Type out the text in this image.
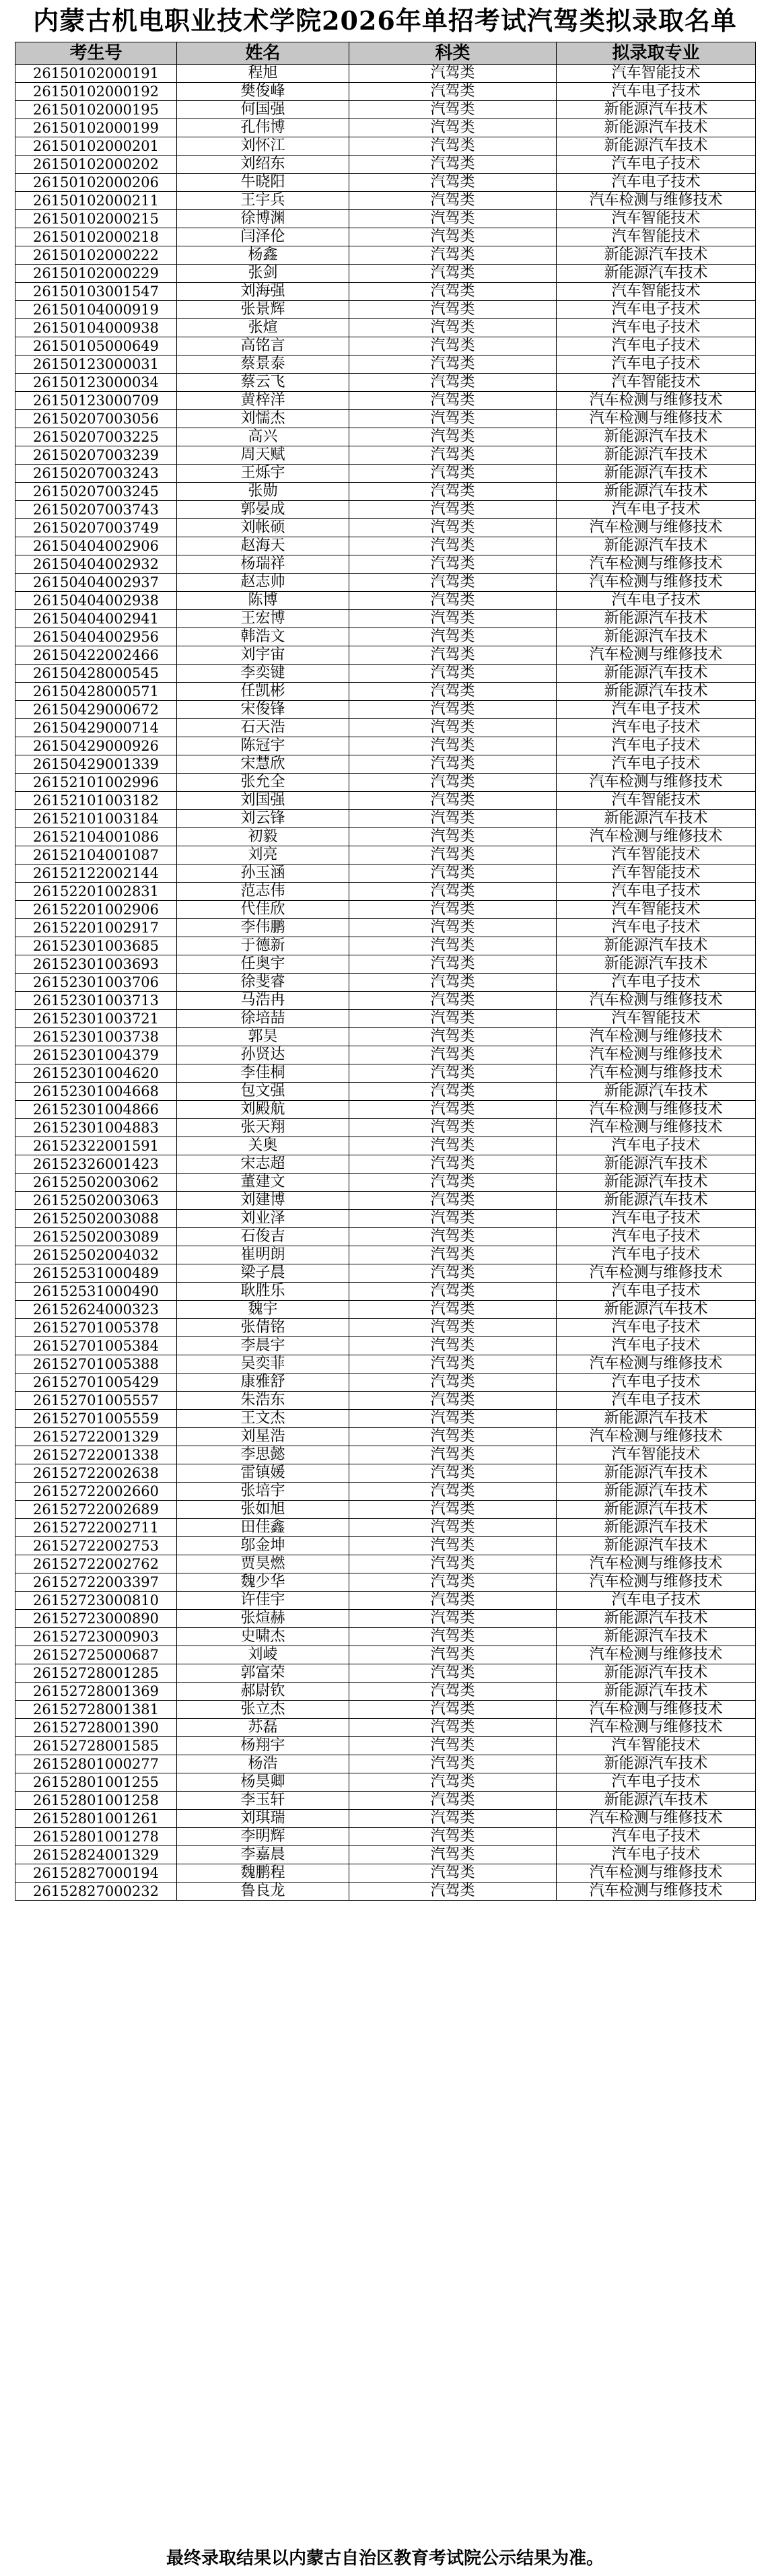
内蒙古机电职业技术学院2026年单招考试汽驾类拟录取名单
考生号	姓名	科类	拟录取专业
26150102000191	程旭	汽驾类	汽车智能技术
26150102000192	樊俊峰	汽驾类	汽车电子技术
26150102000195	何国强	汽驾类	新能源汽车技术
26150102000199	孔伟博	汽驾类	新能源汽车技术
26150102000201	刘怀江	汽驾类	新能源汽车技术
26150102000202	刘绍东	汽驾类	汽车电子技术
26150102000206	牛晓阳	汽驾类	汽车电子技术
26150102000211	王宇兵	汽驾类	汽车检测与维修技术
26150102000215	徐博渊	汽驾类	汽车智能技术
26150102000218	闫泽伦	汽驾类	汽车智能技术
26150102000222	杨鑫	汽驾类	新能源汽车技术
26150102000229	张剑	汽驾类	新能源汽车技术
26150103001547	刘海强	汽驾类	汽车智能技术
26150104000919	张景辉	汽驾类	汽车电子技术
26150104000938	张煊	汽驾类	汽车电子技术
26150105000649	高铭言	汽驾类	汽车电子技术
26150123000031	蔡景泰	汽驾类	汽车电子技术
26150123000034	蔡云飞	汽驾类	汽车智能技术
26150123000709	黄梓洋	汽驾类	汽车检测与维修技术
26150207003056	刘懦杰	汽驾类	汽车检测与维修技术
26150207003225	高兴	汽驾类	新能源汽车技术
26150207003239	周天赋	汽驾类	新能源汽车技术
26150207003243	王烁宇	汽驾类	新能源汽车技术
26150207003245	张勋	汽驾类	新能源汽车技术
26150207003743	郭晏成	汽驾类	汽车电子技术
26150207003749	刘帐硕	汽驾类	汽车检测与维修技术
26150404002906	赵海天	汽驾类	新能源汽车技术
26150404002932	杨瑞祥	汽驾类	汽车检测与维修技术
26150404002937	赵志帅	汽驾类	汽车检测与维修技术
26150404002938	陈博	汽驾类	汽车电子技术
26150404002941	王宏博	汽驾类	新能源汽车技术
26150404002956	韩浩文	汽驾类	新能源汽车技术
26150422002466	刘宇宙	汽驾类	汽车检测与维修技术
26150428000545	李奕键	汽驾类	新能源汽车技术
26150428000571	任凯彬	汽驾类	新能源汽车技术
26150429000672	宋俊锋	汽驾类	汽车电子技术
26150429000714	石天浩	汽驾类	汽车电子技术
26150429000926	陈冠宇	汽驾类	汽车电子技术
26150429001339	宋慧欣	汽驾类	汽车电子技术
26152101002996	张允全	汽驾类	汽车检测与维修技术
26152101003182	刘国强	汽驾类	汽车智能技术
26152101003184	刘云锋	汽驾类	新能源汽车技术
26152104001086	初毅	汽驾类	汽车检测与维修技术
26152104001087	刘亮	汽驾类	汽车智能技术
26152122002144	孙玉涵	汽驾类	汽车智能技术
26152201002831	范志伟	汽驾类	汽车电子技术
26152201002906	代佳欣	汽驾类	汽车智能技术
26152201002917	李伟鹏	汽驾类	汽车电子技术
26152301003685	于德新	汽驾类	新能源汽车技术
26152301003693	任奥宇	汽驾类	新能源汽车技术
26152301003706	徐斐睿	汽驾类	汽车电子技术
26152301003713	马浩冉	汽驾类	汽车检测与维修技术
26152301003721	徐培喆	汽驾类	汽车智能技术
26152301003738	郭昊	汽驾类	汽车检测与维修技术
26152301004379	孙贤达	汽驾类	汽车检测与维修技术
26152301004620	李佳桐	汽驾类	汽车检测与维修技术
26152301004668	包文强	汽驾类	新能源汽车技术
26152301004866	刘殿航	汽驾类	汽车检测与维修技术
26152301004883	张天翔	汽驾类	汽车检测与维修技术
26152322001591	关奥	汽驾类	汽车电子技术
26152326001423	宋志超	汽驾类	新能源汽车技术
26152502003062	董建文	汽驾类	新能源汽车技术
26152502003063	刘建博	汽驾类	新能源汽车技术
26152502003088	刘业泽	汽驾类	汽车电子技术
26152502003089	石俊吉	汽驾类	汽车电子技术
26152502004032	崔明朗	汽驾类	汽车电子技术
26152531000489	梁子晨	汽驾类	汽车检测与维修技术
26152531000490	耿胜乐	汽驾类	汽车电子技术
26152624000323	魏宇	汽驾类	新能源汽车技术
26152701005378	张倩铭	汽驾类	汽车电子技术
26152701005384	李晨宇	汽驾类	汽车电子技术
26152701005388	吴奕菲	汽驾类	汽车检测与维修技术
26152701005429	康雅舒	汽驾类	汽车电子技术
26152701005557	朱浩东	汽驾类	汽车电子技术
26152701005559	王文杰	汽驾类	新能源汽车技术
26152722001329	刘星浩	汽驾类	汽车检测与维修技术
26152722001338	李思懿	汽驾类	汽车智能技术
26152722002638	雷镇媛	汽驾类	新能源汽车技术
26152722002660	张培宇	汽驾类	新能源汽车技术
26152722002689	张如旭	汽驾类	新能源汽车技术
26152722002711	田佳鑫	汽驾类	新能源汽车技术
26152722002753	邬金坤	汽驾类	新能源汽车技术
26152722002762	贾昊燃	汽驾类	汽车检测与维修技术
26152722003397	魏少华	汽驾类	汽车检测与维修技术
26152723000810	许佳宇	汽驾类	汽车电子技术
26152723000890	张煊赫	汽驾类	新能源汽车技术
26152723000903	史啸杰	汽驾类	新能源汽车技术
26152725000687	刘崚	汽驾类	汽车检测与维修技术
26152728001285	郭富荣	汽驾类	新能源汽车技术
26152728001369	郝尉钦	汽驾类	新能源汽车技术
26152728001381	张立杰	汽驾类	汽车检测与维修技术
26152728001390	苏磊	汽驾类	汽车检测与维修技术
26152728001585	杨翔宇	汽驾类	汽车智能技术
26152801000277	杨浩	汽驾类	新能源汽车技术
26152801001255	杨昊卿	汽驾类	汽车电子技术
26152801001258	李玉轩	汽驾类	新能源汽车技术
26152801001261	刘琪瑞	汽驾类	汽车检测与维修技术
26152801001278	李明辉	汽驾类	汽车电子技术
26152824001329	李嘉晨	汽驾类	汽车电子技术
26152827000194	魏鹏程	汽驾类	汽车检测与维修技术
26152827000232	鲁良龙	汽驾类	汽车检测与维修技术
最终录取结果以内蒙古自治区教育考试院公示结果为准。
